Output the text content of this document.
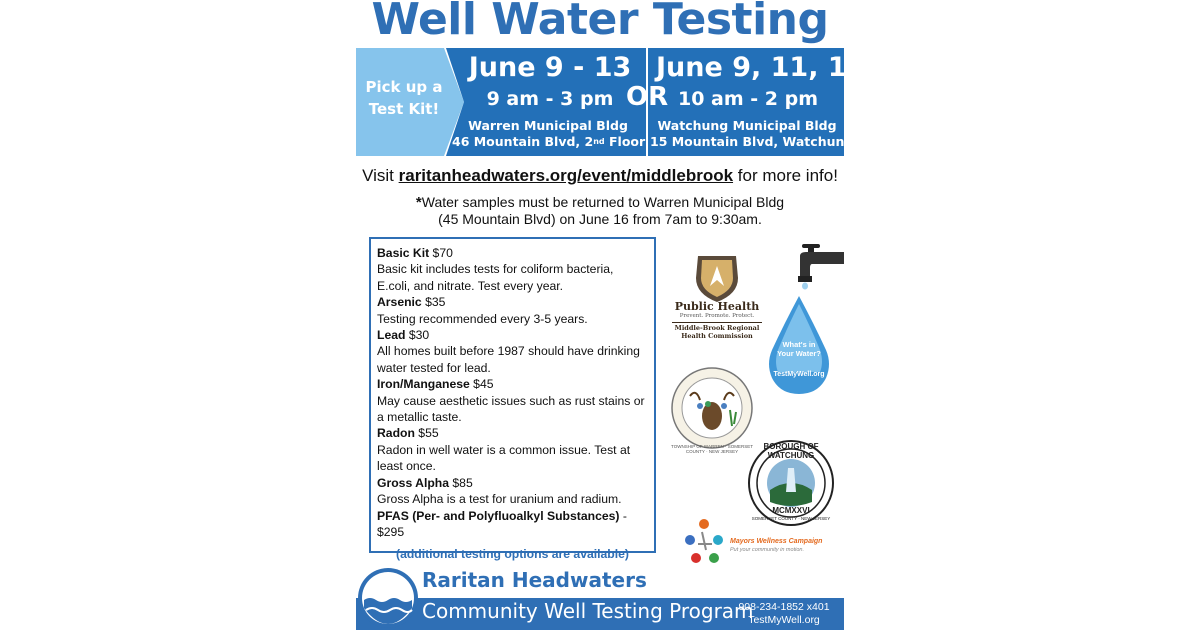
Well Water Testing
Pick up a
Test Kit!
June 9 - 13
9 am - 3 pm
Warren Municipal Bldg
46 Mountain Blvd, 2nd Floor
OR
June 9, 11, 13
10 am - 2 pm
Watchung Municipal Bldg
15 Mountain Blvd, Watchung
Visit raritanheadwaters.org/event/middlebrook for more info!
*Water samples must be returned to Warren Municipal Bldg
(45 Mountain Blvd) on June 16 from 7am to 9:30am.
Basic Kit $70
Basic kit includes tests for coliform bacteria, E.coli, and nitrate. Test every year.
Arsenic $35
Testing recommended every 3-5 years.
Lead $30
All homes built before 1987 should have drinking water tested for lead.
Iron/Manganese $45
May cause aesthetic issues such as rust stains or a metallic taste.
Radon $55
Radon in well water is a common issue. Test at least once.
Gross Alpha $85
Gross Alpha is a test for uranium and radium.
PFAS (Per- and Polyfluoalkyl Substances) - $295
(additional testing options are available)
Public Health
Prevent. Promote. Protect.
Middle-Brook Regional
Health Commission
What's in
Your Water?
TestMyWell.org
TOWNSHIP OF WARREN · SOMERSET COUNTY · NEW JERSEY
BOROUGH OF WATCHUNG
MCMXXVI
SOMERSET COUNTY · NEW JERSEY
Mayors Wellness Campaign
Put your community in motion.
Raritan Headwaters
Community Well Testing Program
908-234-1852 x401
TestMyWell.org
